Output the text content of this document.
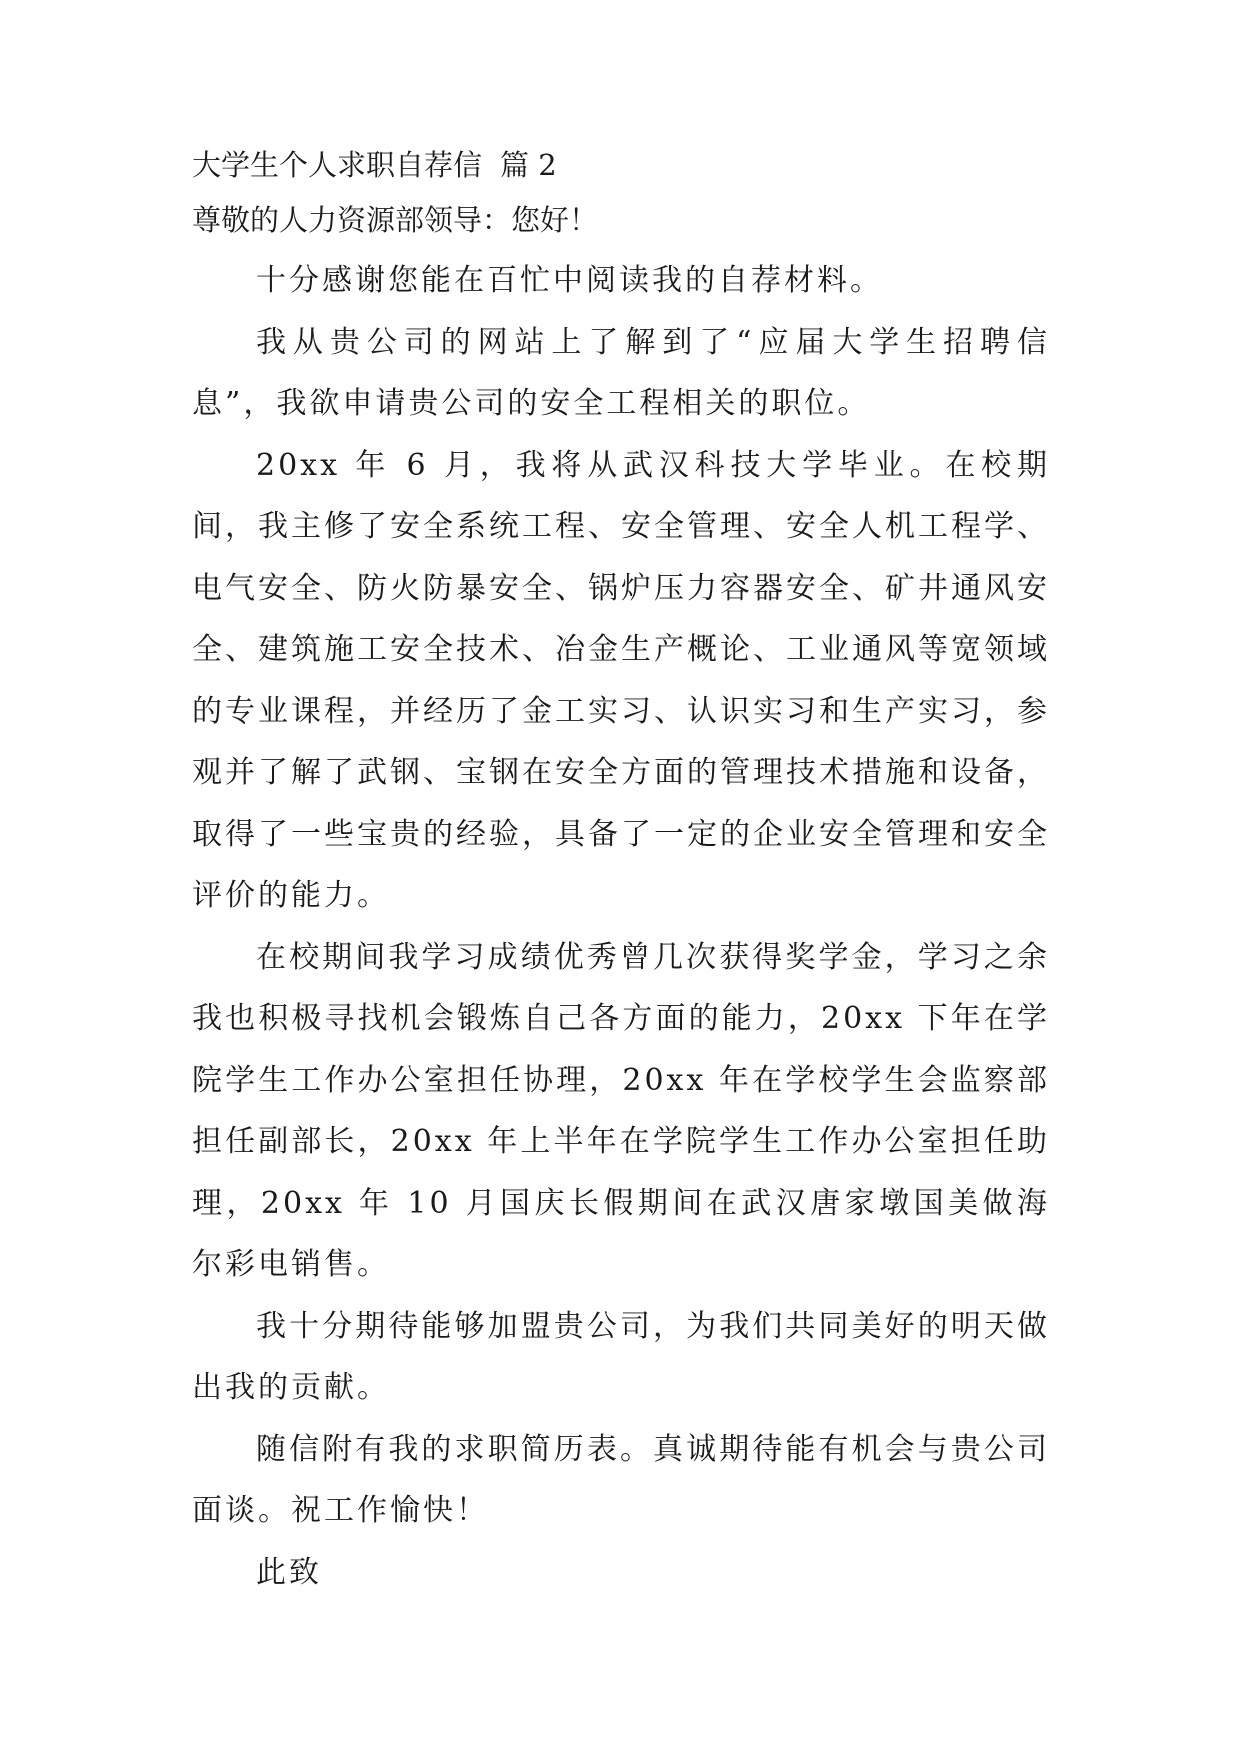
大学生个人求职自荐信 篇 2

尊敬的人力资源部领导：您好！

十分感谢您能在百忙中阅读我的自荐材料。

我从贵公司的网站上了解到了“应届大学生招聘信息”，我欲申请贵公司的安全工程相关的职位。

20xx 年 6 月，我将从武汉科技大学毕业。在校期间，我主修了安全系统工程、安全管理、安全人机工程学、电气安全、防火防暴安全、锅炉压力容器安全、矿井通风安全、建筑施工安全技术、冶金生产概论、工业通风等宽领域的专业课程，并经历了金工实习、认识实习和生产实习，参观并了解了武钢、宝钢在安全方面的管理技术措施和设备，取得了一些宝贵的经验，具备了一定的企业安全管理和安全评价的能力。

在校期间我学习成绩优秀曾几次获得奖学金，学习之余我也积极寻找机会锻炼自己各方面的能力，20xx 下年在学院学生工作办公室担任协理，20xx 年在学校学生会监察部担任副部长，20xx 年上半年在学院学生工作办公室担任助理，20xx 年 10 月国庆长假期间在武汉唐家墩国美做海尔彩电销售。

我十分期待能够加盟贵公司，为我们共同美好的明天做出我的贡献。

随信附有我的求职简历表。真诚期待能有机会与贵公司面谈。祝工作愉快！

此致
